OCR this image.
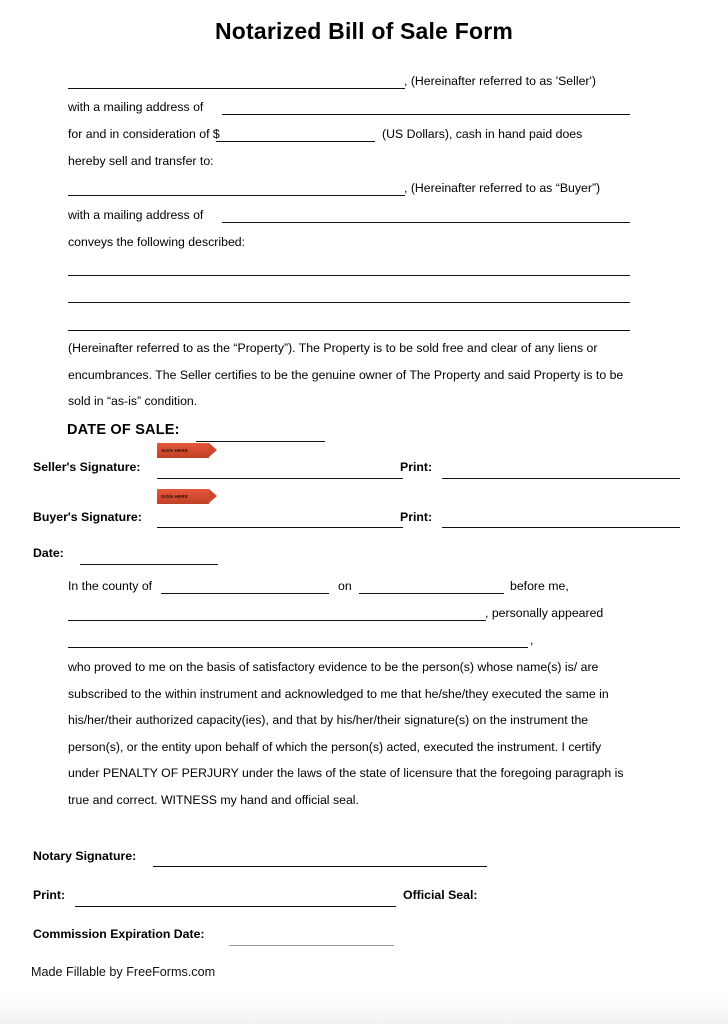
Notarized Bill of Sale Form
, (Hereinafter referred to as 'Seller')
with a mailing address of
for and in consideration of $	(US Dollars), cash in hand paid does
hereby sell and transfer to:
, (Hereinafter referred to as “Buyer”)
with a mailing address of
conveys the following described:
(Hereinafter referred to as the “Property”). The Property is to be sold free and clear of any liens or encumbrances. The Seller certifies to be the genuine owner of The Property and said Property is to be sold in “as-is” condition.
DATE OF SALE:
SIGN HERE
Seller's Signature:	Print:
SIGN HERE
Buyer's Signature:	Print:
Date:
In the county of	on	before me,
, personally appeared
,
who proved to me on the basis of satisfactory evidence to be the person(s) whose name(s) is/ are subscribed to the within instrument and acknowledged to me that he/she/they executed the same in his/her/their authorized capacity(ies), and that by his/her/their signature(s) on the instrument the person(s), or the entity upon behalf of which the person(s) acted, executed the instrument. I certify under PENALTY OF PERJURY under the laws of the state of licensure that the foregoing paragraph is true and correct. WITNESS my hand and official seal.
Notary Signature:
Print:	Official Seal:
Commission Expiration Date:
Made Fillable by FreeForms.com
